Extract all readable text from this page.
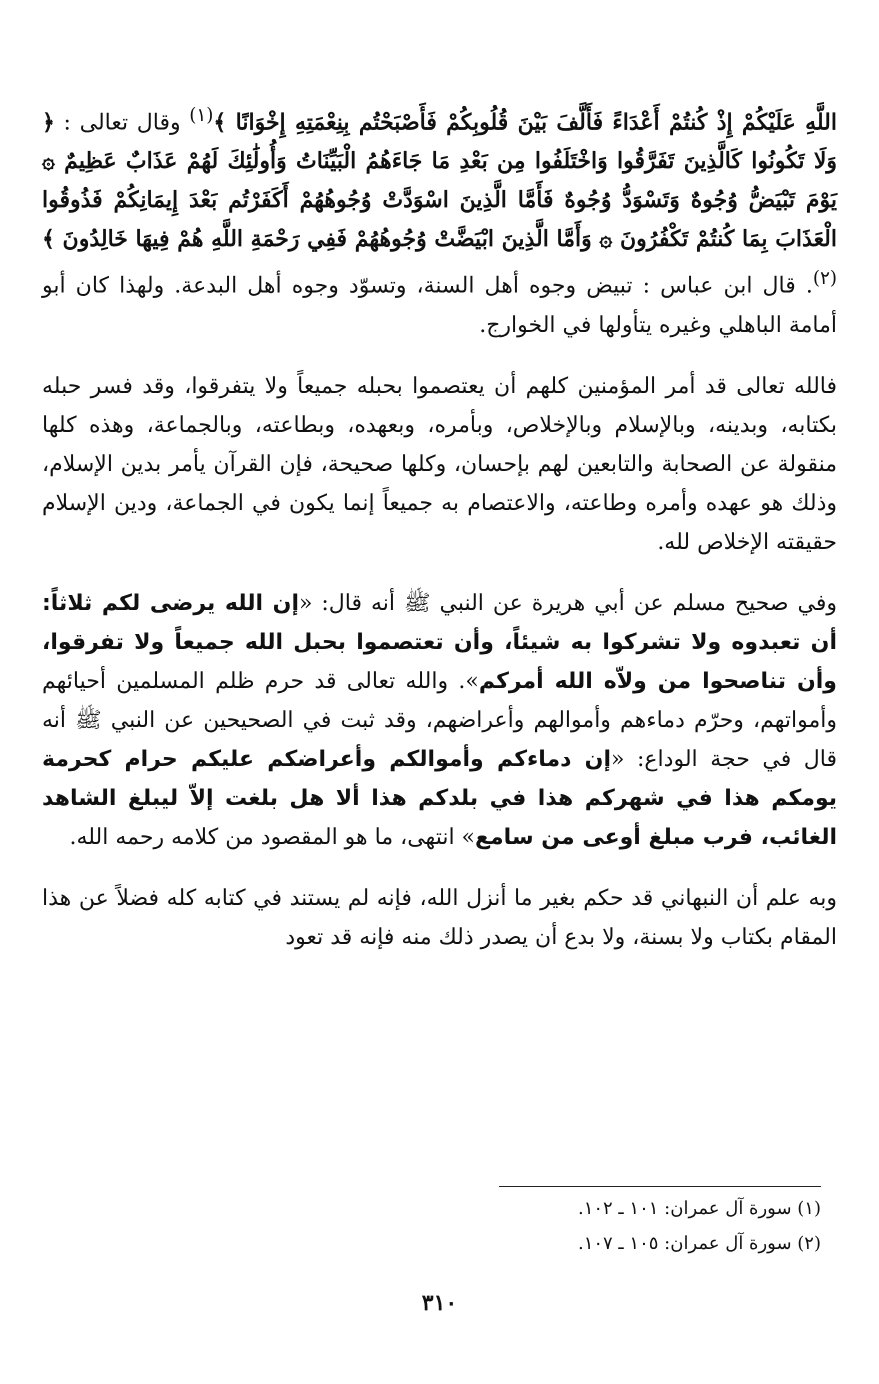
اللَّهِ عَلَيْكُمْ إِذْ كُنتُمْ أَعْدَاءً فَأَلَّفَ بَيْنَ قُلُوبِكُمْ فَأَصْبَحْتُم بِنِعْمَتِهِ إِخْوَانًا ﴾$^{(١)}$ وقال تعالى : ﴿ وَلَا تَكُونُوا كَالَّذِينَ تَفَرَّقُوا وَاخْتَلَفُوا مِن بَعْدِ مَا جَاءَهُمُ الْبَيِّنَاتُ وَأُولَٰئِكَ لَهُمْ عَذَابٌ عَظِيمٌ ۞ يَوْمَ تَبْيَضُّ وُجُوهٌ وَتَسْوَدُّ وُجُوهٌ فَأَمَّا الَّذِينَ اسْوَدَّتْ وُجُوهُهُمْ أَكَفَرْتُم بَعْدَ إِيمَانِكُمْ فَذُوقُوا الْعَذَابَ بِمَا كُنتُمْ تَكْفُرُونَ ۞ وَأَمَّا الَّذِينَ ابْيَضَّتْ وُجُوهُهُمْ فَفِي رَحْمَةِ اللَّهِ هُمْ فِيهَا خَالِدُونَ ﴾$^{(٢)}$. قال ابن عباس : تبيض وجوه أهل السنة، وتسوّد وجوه أهل البدعة. ولهذا كان أبو أمامة الباهلي وغيره يتأولها في الخوارج.

فالله تعالى قد أمر المؤمنين كلهم أن يعتصموا بحبله جميعاً ولا يتفرقوا، وقد فسر حبله بكتابه، وبدينه، وبالإسلام وبالإخلاص، وبأمره، وبعهده، وبطاعته، وبالجماعة، وهذه كلها منقولة عن الصحابة والتابعين لهم بإحسان، وكلها صحيحة، فإن القرآن يأمر بدين الإسلام، وذلك هو عهده وأمره وطاعته، والاعتصام به جميعاً إنما يكون في الجماعة، ودين الإسلام حقيقته الإخلاص لله.

وفي صحيح مسلم عن أبي هريرة عن النبي ﷺ أنه قال: «إن الله يرضى لكم ثلاثاً: أن تعبدوه ولا تشركوا به شيئاً، وأن تعتصموا بحبل الله جميعاً ولا تفرقوا، وأن تناصحوا من ولاّه الله أمركم». والله تعالى قد حرم ظلم المسلمين أحيائهم وأمواتهم، وحرّم دماءهم وأموالهم وأعراضهم، وقد ثبت في الصحيحين عن النبي ﷺ أنه قال في حجة الوداع: «إن دماءكم وأموالكم وأعراضكم عليكم حرام كحرمة يومكم هذا في شهركم هذا في بلدكم هذا ألا هل بلغت إلاّ ليبلغ الشاهد الغائب، فرب مبلغ أوعى من سامع» انتهى، ما هو المقصود من كلامه رحمه الله.

وبه علم أن النبهاني قد حكم بغير ما أنزل الله، فإنه لم يستند في كتابه كله فضلاً عن هذا المقام بكتاب ولا بسنة، ولا بدع أن يصدر ذلك منه فإنه قد تعود

(١) سورة آل عمران: ١٠١ ـ ١٠٢.
(٢) سورة آل عمران: ١٠٥ ـ ١٠٧.
٣١٠
